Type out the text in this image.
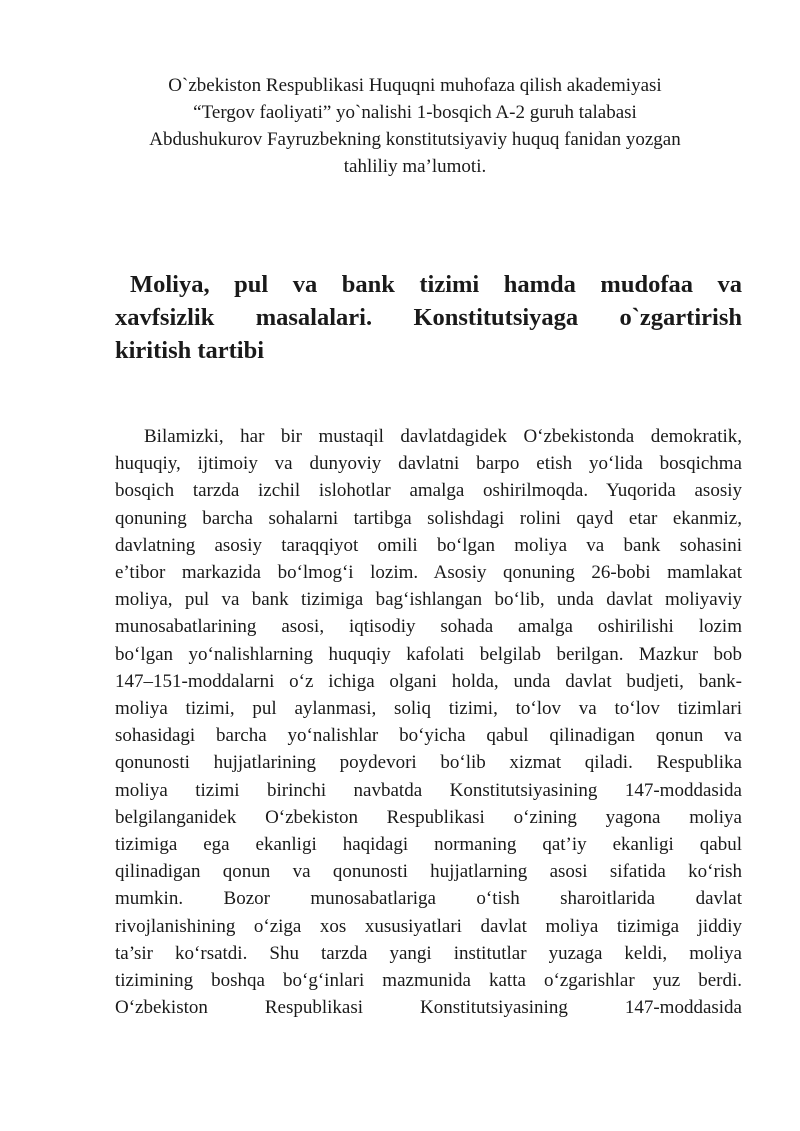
O`zbekiston Respublikasi Huquqni muhofaza qilish akademiyasi
“Tergov faoliyati” yo`nalishi 1-bosqich A-2 guruh talabasi
Abdushukurov Fayruzbekning konstitutsiyaviy huquq fanidan yozgan
tahliliy ma’lumoti.
Moliya, pul va bank tizimi hamda mudofaa va
xavfsizlik masalalari. Konstitutsiyaga o`zgartirish
kiritish tartibi
Bilamizki, har bir mustaqil davlatdagidek O‘zbekistonda demokratik,
huquqiy, ijtimoiy va dunyoviy davlatni barpo etish yo‘lida bosqichma
bosqich tarzda izchil islohotlar amalga oshirilmoqda. Yuqorida asosiy
qonuning barcha sohalarni tartibga solishdagi rolini qayd etar ekanmiz,
davlatning asosiy taraqqiyot omili bo‘lgan moliya va bank sohasini
e’tibor markazida bo‘lmog‘i lozim. Asosiy qonuning 26-bobi mamlakat
moliya, pul va bank tizimiga bag‘ishlangan bo‘lib, unda davlat moliyaviy
munosabatlarining asosi, iqtisodiy sohada amalga oshirilishi lozim
bo‘lgan yo‘nalishlarning huquqiy kafolati belgilab berilgan. Mazkur bob
147–151-moddalarni o‘z ichiga olgani holda, unda davlat budjeti, bank-
moliya tizimi, pul aylanmasi, soliq tizimi, to‘lov va to‘lov tizimlari
sohasidagi barcha yo‘nalishlar bo‘yicha qabul qilinadigan qonun va
qonunosti hujjatlarining poydevori bo‘lib xizmat qiladi. Respublika
moliya tizimi birinchi navbatda Konstitutsiyasining 147-moddasida
belgilanganidek O‘zbekiston Respublikasi o‘zining yagona moliya
tizimiga ega ekanligi haqidagi normaning qat’iy ekanligi qabul
qilinadigan qonun va qonunosti hujjatlarning asosi sifatida ko‘rish
mumkin. Bozor munosabatlariga o‘tish sharoitlarida davlat
rivojlanishining o‘ziga xos xususiyatlari davlat moliya tizimiga jiddiy
ta’sir ko‘rsatdi. Shu tarzda yangi institutlar yuzaga keldi, moliya
tizimining boshqa bo‘g‘inlari mazmunida katta o‘zgarishlar yuz berdi.
O‘zbekiston Respublikasi Konstitutsiyasining 147-moddasida
